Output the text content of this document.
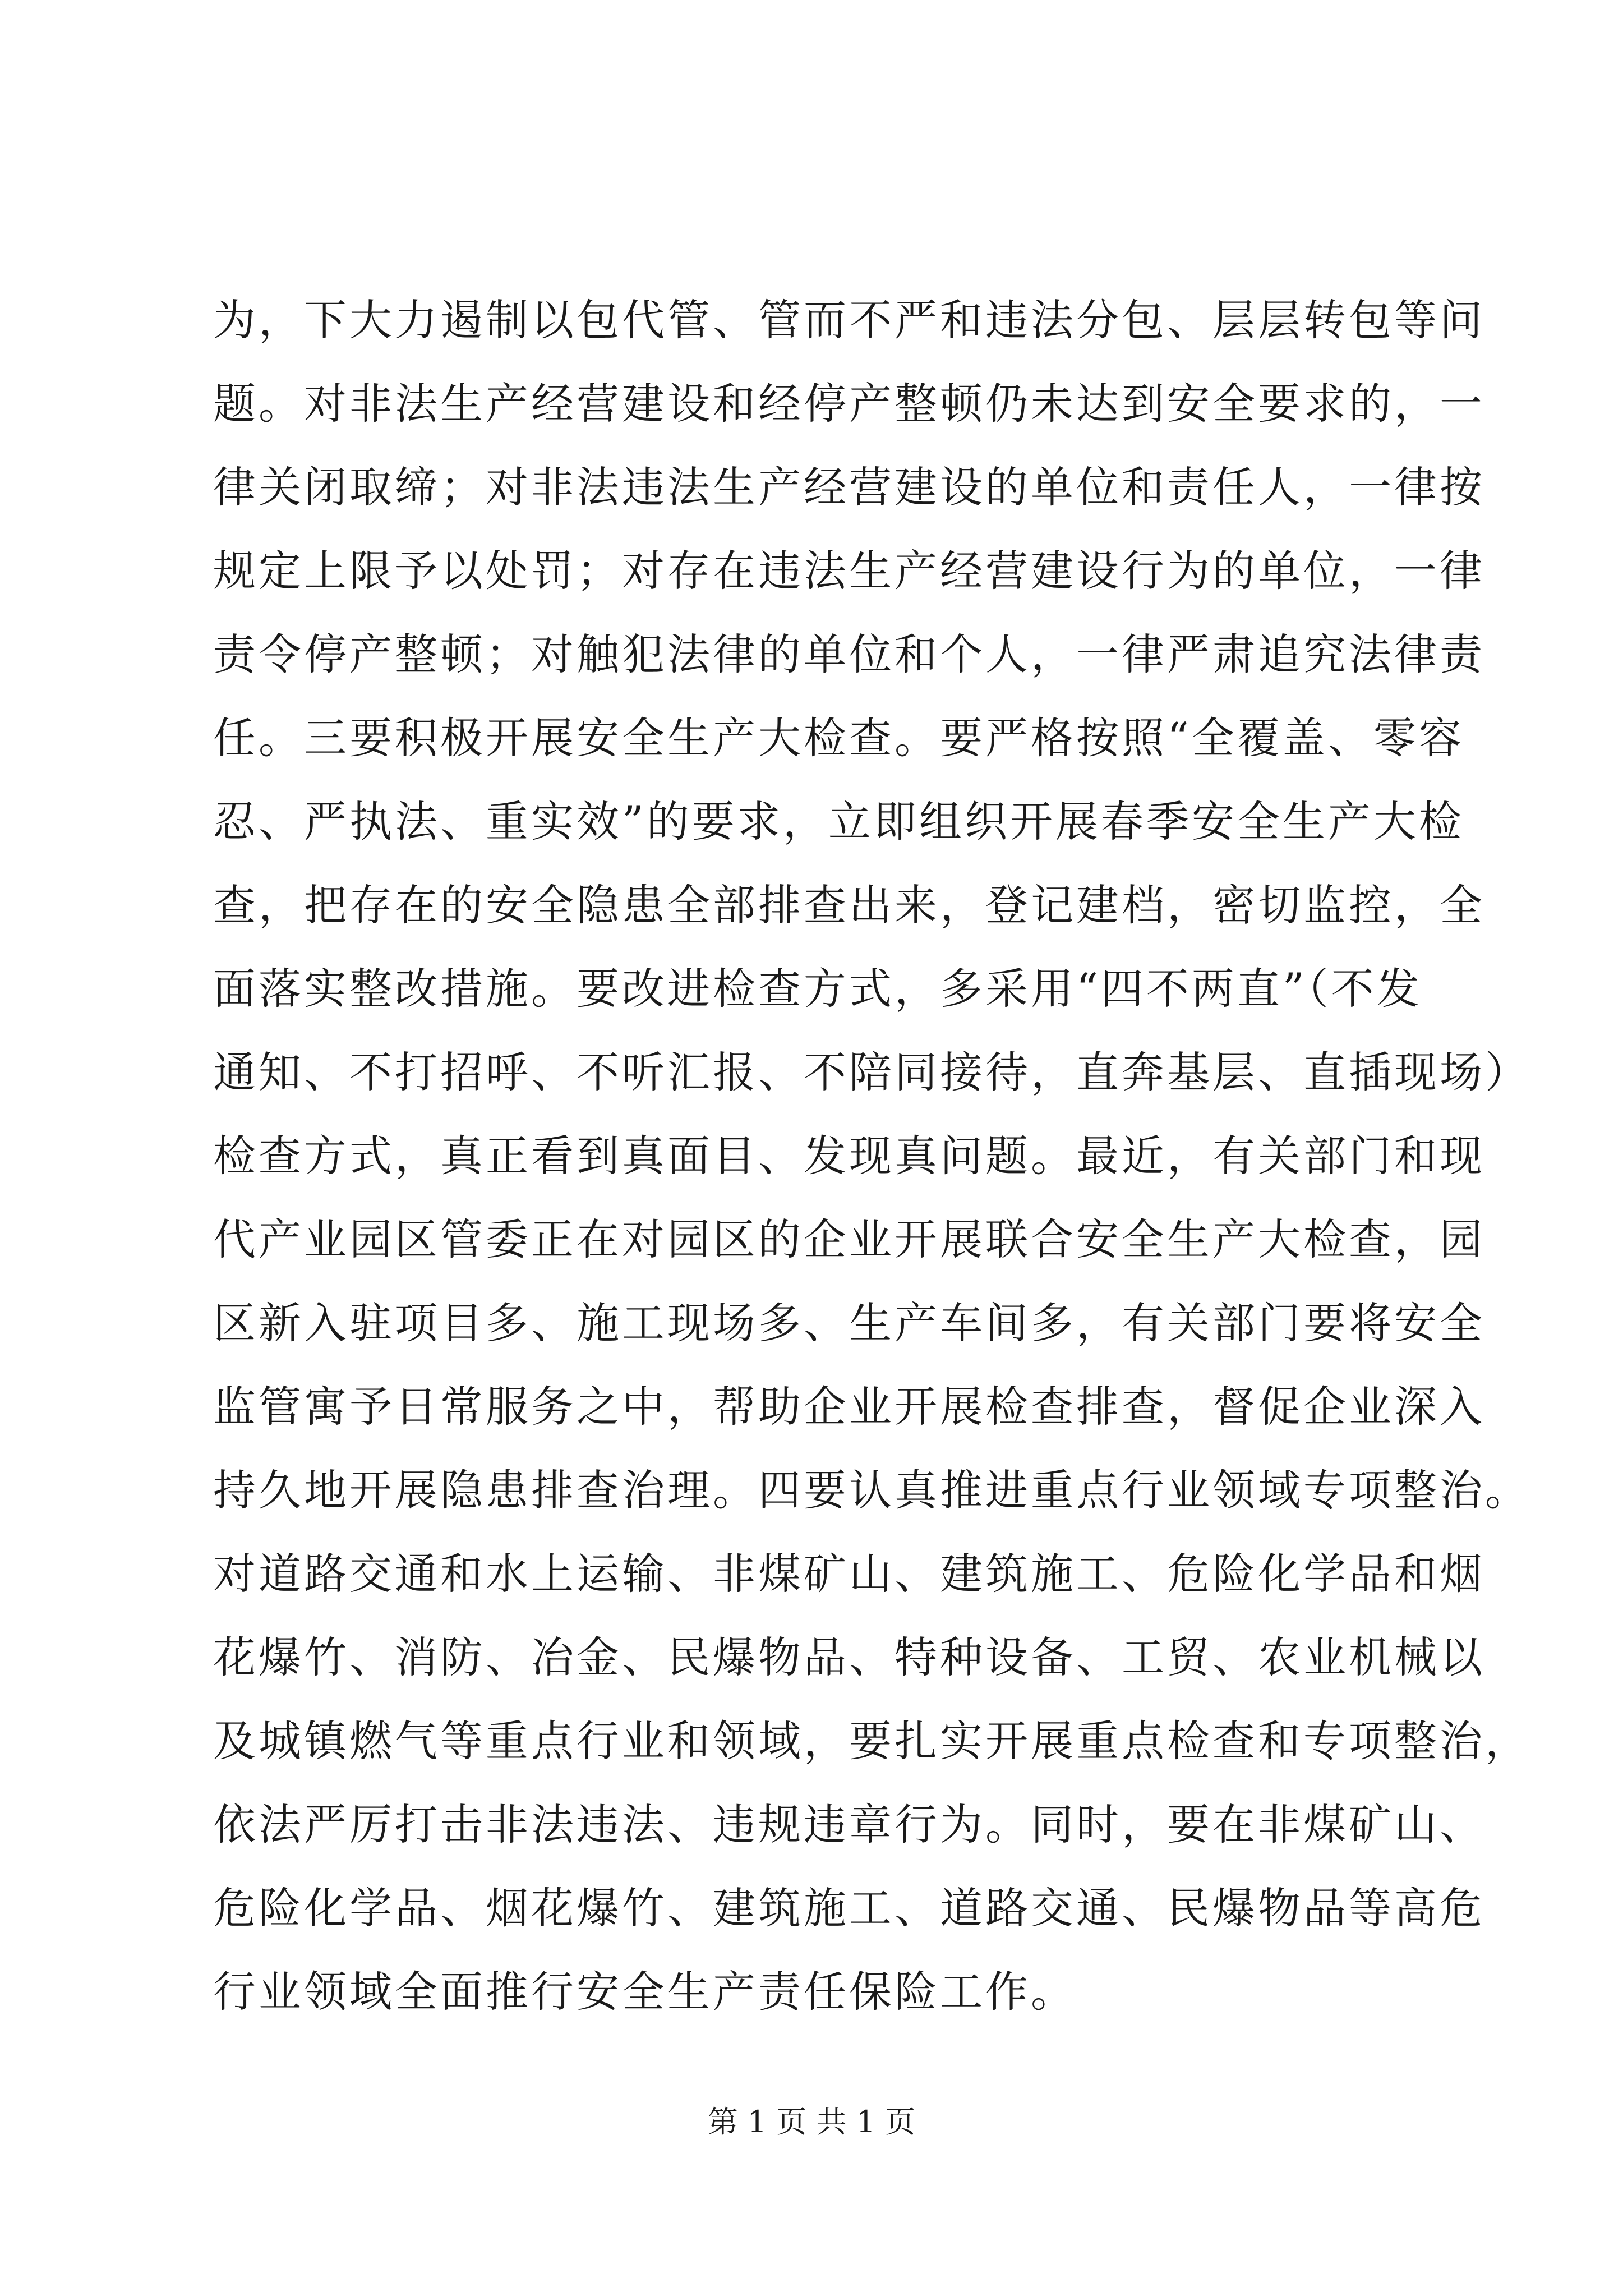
为，下大力遏制以包代管、管而不严和违法分包、层层转包等问
题。对非法生产经营建设和经停产整顿仍未达到安全要求的，一
律关闭取缔；对非法违法生产经营建设的单位和责任人，一律按
规定上限予以处罚；对存在违法生产经营建设行为的单位，一律
责令停产整顿；对触犯法律的单位和个人，一律严肃追究法律责
任。三要积极开展安全生产大检查。要严格按照“全覆盖、零容
忍、严执法、重实效”的要求，立即组织开展春季安全生产大检
查，把存在的安全隐患全部排查出来，登记建档，密切监控，全
面落实整改措施。要改进检查方式，多采用“四不两直”（不发
通知、不打招呼、不听汇报、不陪同接待，直奔基层、直插现场）
检查方式，真正看到真面目、发现真问题。最近，有关部门和现
代产业园区管委正在对园区的企业开展联合安全生产大检查，园
区新入驻项目多、施工现场多、生产车间多，有关部门要将安全
监管寓予日常服务之中，帮助企业开展检查排查，督促企业深入
持久地开展隐患排查治理。四要认真推进重点行业领域专项整治。
对道路交通和水上运输、非煤矿山、建筑施工、危险化学品和烟
花爆竹、消防、冶金、民爆物品、特种设备、工贸、农业机械以
及城镇燃气等重点行业和领域，要扎实开展重点检查和专项整治，
依法严厉打击非法违法、违规违章行为。同时，要在非煤矿山、
危险化学品、烟花爆竹、建筑施工、道路交通、民爆物品等高危
行业领域全面推行安全生产责任保险工作。
第 1 页 共 1 页
